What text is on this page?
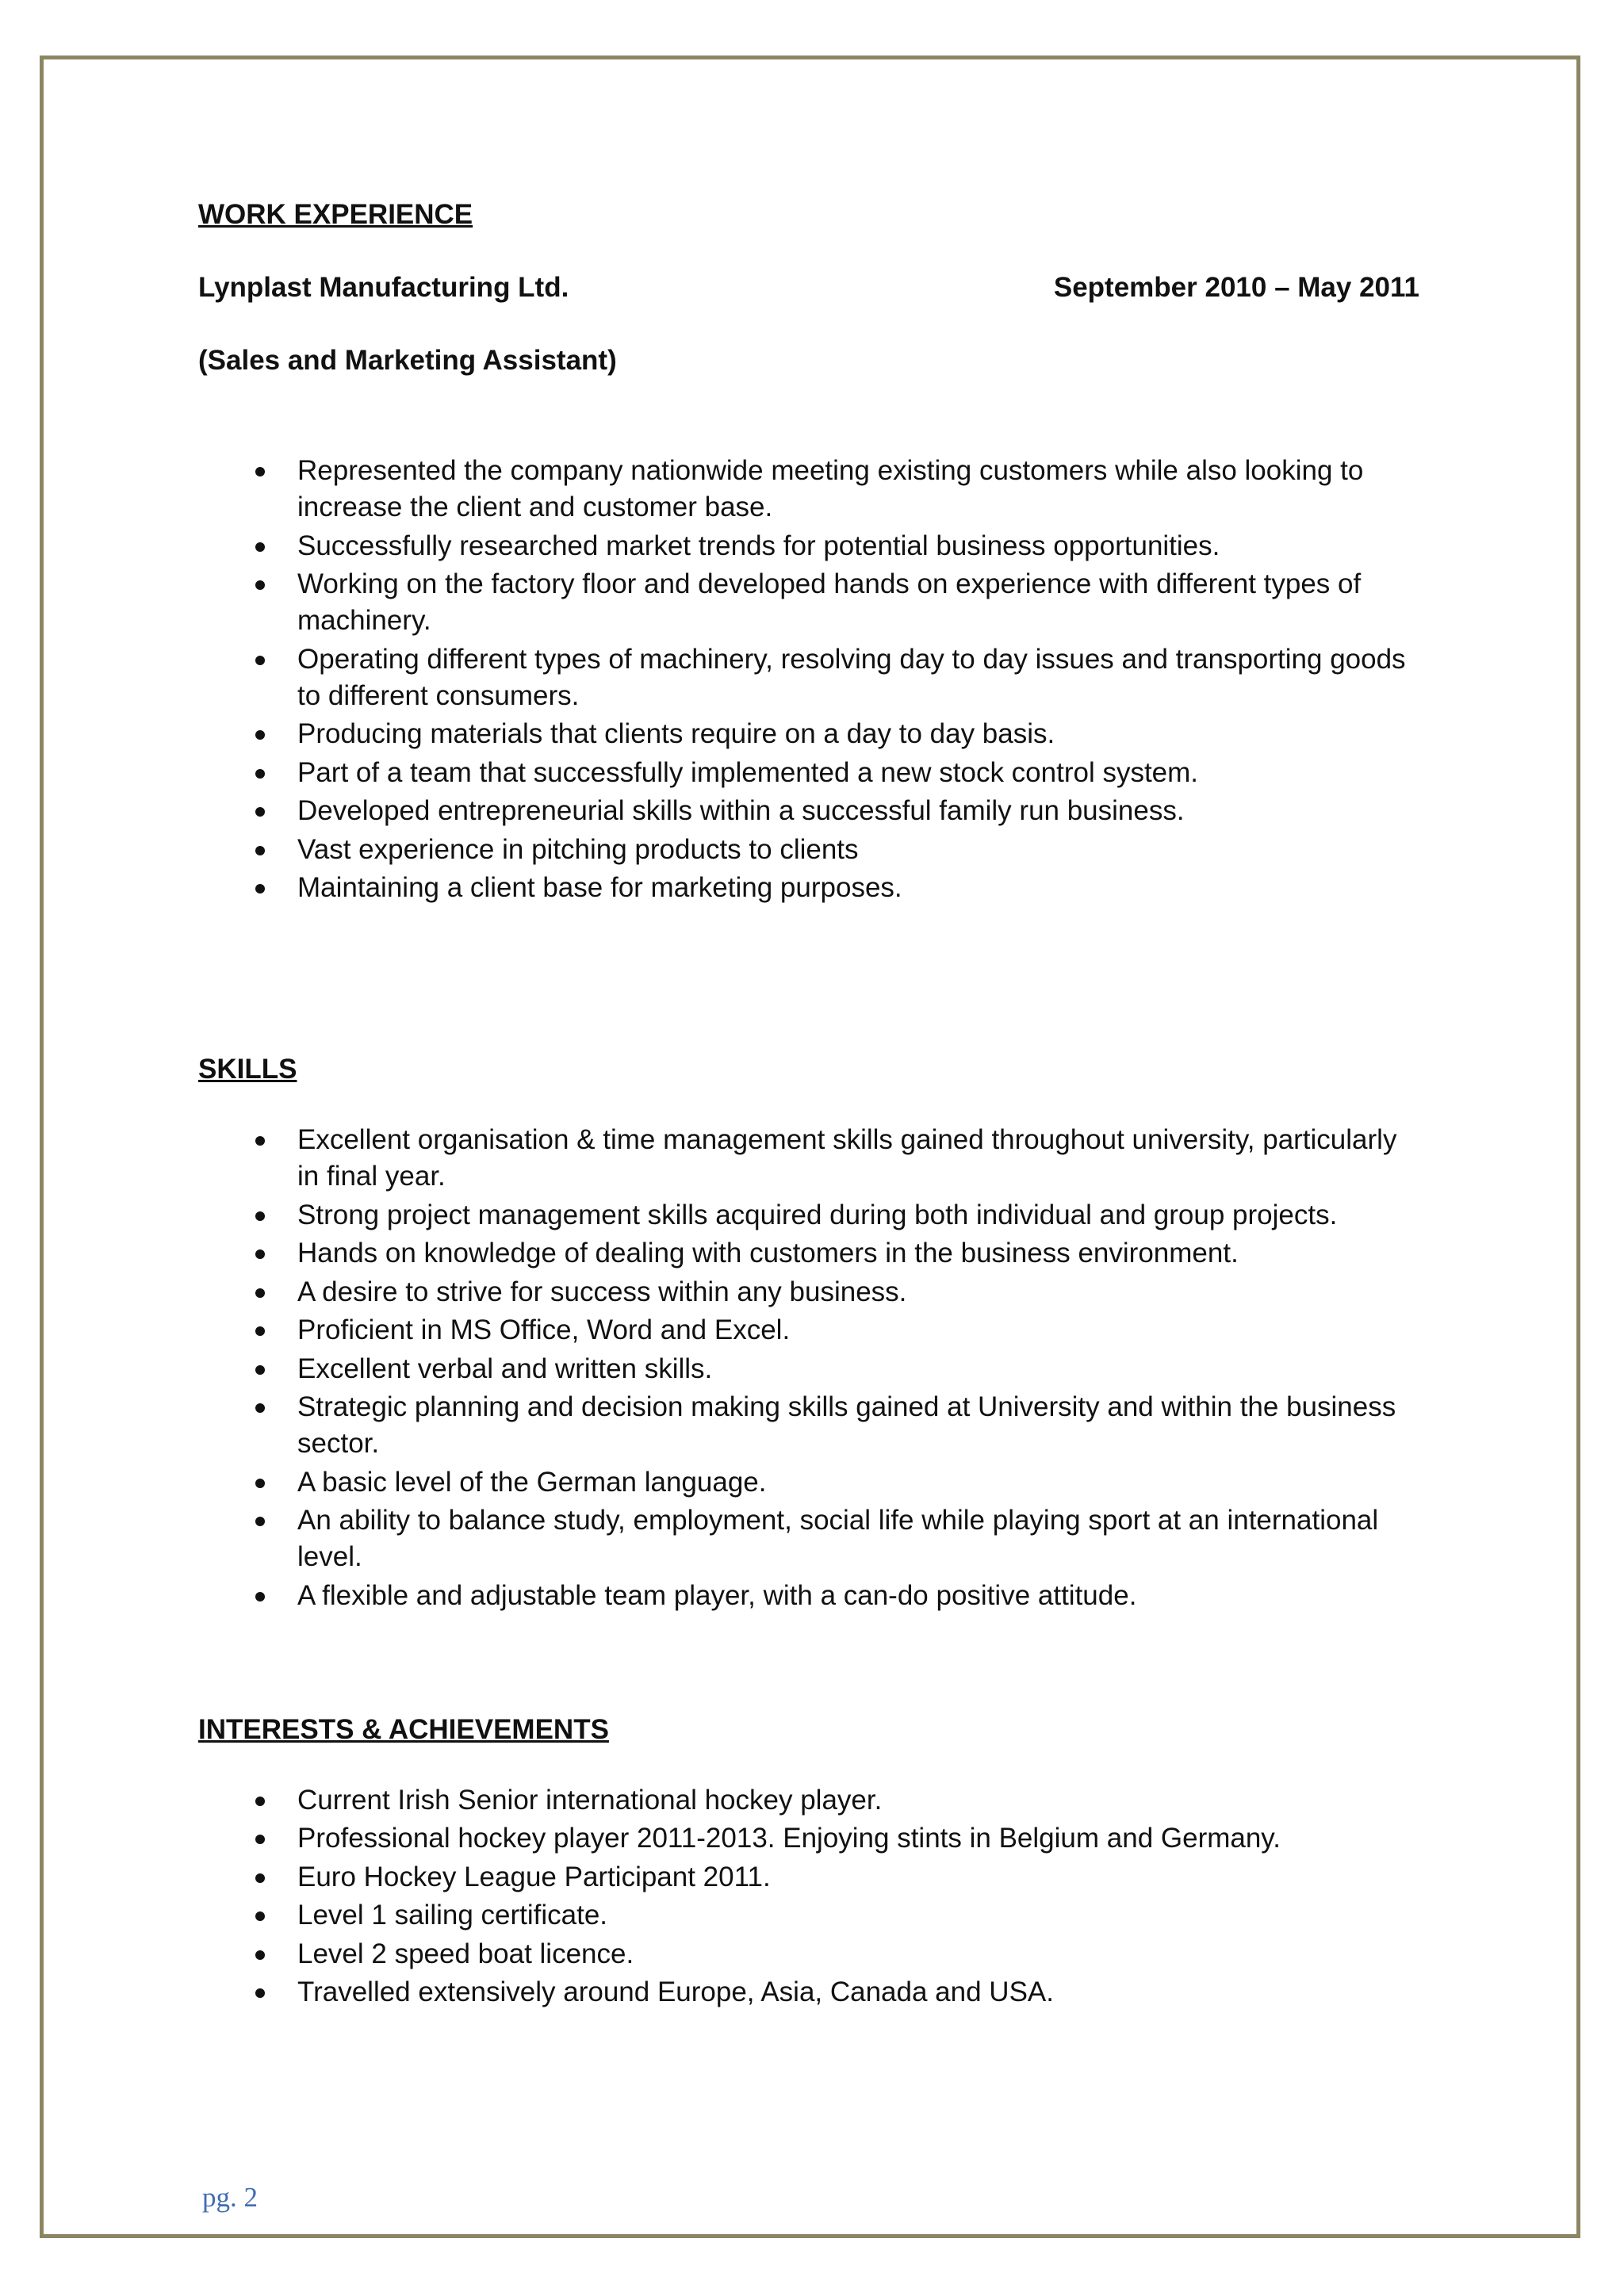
WORK EXPERIENCE
Lynplast Manufacturing Ltd.	September 2010 – May 2011
(Sales and Marketing Assistant)
Represented the company nationwide meeting existing customers while also looking to increase the client and customer base.
Successfully researched market trends for potential business opportunities.
Working on the factory floor and developed hands on experience with different types of machinery.
Operating different types of machinery, resolving day to day issues and transporting goods to different consumers.
Producing materials that clients require on a day to day basis.
Part of a team that successfully implemented a new stock control system.
Developed entrepreneurial skills within a successful family run business.
Vast experience in pitching products to clients
Maintaining a client base for marketing purposes.
SKILLS
Excellent organisation & time management skills gained throughout university, particularly in final year.
Strong project management skills acquired during both individual and group projects.
Hands on knowledge of dealing with customers in the business environment.
A desire to strive for success within any business.
Proficient in MS Office, Word and Excel.
Excellent verbal and written skills.
Strategic planning and decision making skills gained at University and within the business sector.
A basic level of the German language.
An ability to balance study, employment, social life while playing sport at an international level.
A flexible and adjustable team player, with a can-do positive attitude.
INTERESTS & ACHIEVEMENTS
Current Irish Senior international hockey player.
Professional hockey player 2011-2013. Enjoying stints in Belgium and Germany.
Euro Hockey League Participant 2011.
Level 1 sailing certificate.
Level 2 speed boat licence.
Travelled extensively around Europe, Asia, Canada and USA.
pg. 2
